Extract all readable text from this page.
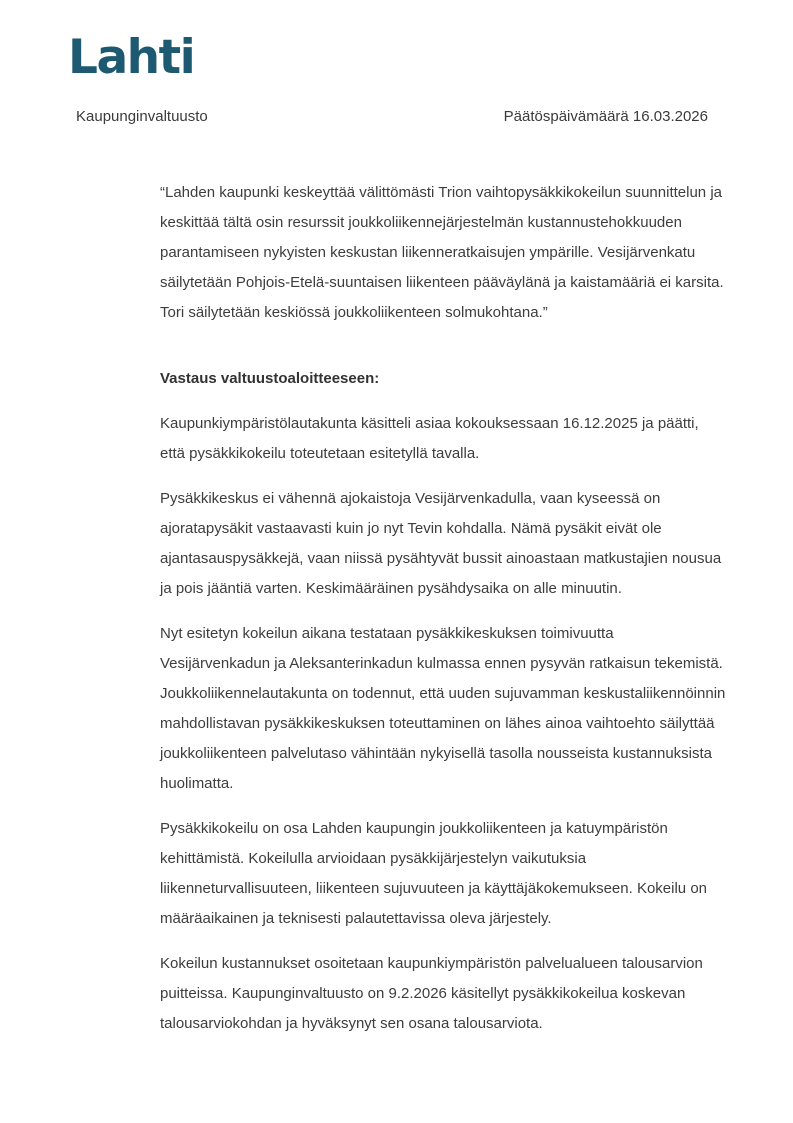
Lahti
Kaupunginvaltuusto	Päätöspäivämäärä 16.03.2026

“Lahden kaupunki keskeyttää välittömästi Trion vaihtopysäkkikokeilun suunnittelun ja keskittää tältä osin resurssit joukkoliikennejärjestelmän kustannustehokkuuden parantamiseen nykyisten keskustan liikenneratkaisujen ympärille. Vesijärvenkatu säilytetään Pohjois-Etelä-suuntaisen liikenteen pääväylänä ja kaistamääriä ei karsita. Tori säilytetään keskiössä joukkoliikenteen solmukohtana.”

Vastaus valtuustoaloitteeseen:

Kaupunkiympäristölautakunta käsitteli asiaa kokouksessaan 16.12.2025 ja päätti, että pysäkkikokeilu toteutetaan esitetyllä tavalla.

Pysäkkikeskus ei vähennä ajokaistoja Vesijärvenkadulla, vaan kyseessä on ajoratapysäkit vastaavasti kuin jo nyt Tevin kohdalla. Nämä pysäkit eivät ole ajantasauspysäkkejä, vaan niissä pysähtyvät bussit ainoastaan matkustajien nousua ja pois jääntiä varten. Keskimääräinen pysähdysaika on alle minuutin.

Nyt esitetyn kokeilun aikana testataan pysäkkikeskuksen toimivuutta Vesijärvenkadun ja Aleksanterinkadun kulmassa ennen pysyvän ratkaisun tekemistä. Joukkoliikennelautakunta on todennut, että uuden sujuvamman keskustaliikennöinnin mahdollistavan pysäkkikeskuksen toteuttaminen on lähes ainoa vaihtoehto säilyttää joukkoliikenteen palvelutaso vähintään nykyisellä tasolla nousseista kustannuksista huolimatta.

Pysäkkikokeilu on osa Lahden kaupungin joukkoliikenteen ja katuympäristön kehittämistä. Kokeilulla arvioidaan pysäkkijärjestelyn vaikutuksia liikenneturvallisuuteen, liikenteen sujuvuuteen ja käyttäjäkokemukseen. Kokeilu on määräaikainen ja teknisesti palautettavissa oleva järjestely.

Kokeilun kustannukset osoitetaan kaupunkiympäristön palvelualueen talousarvion puitteissa. Kaupunginvaltuusto on 9.2.2026 käsitellyt pysäkkikokeilua koskevan talousarviokohdan ja hyväksynyt sen osana talousarviota.
